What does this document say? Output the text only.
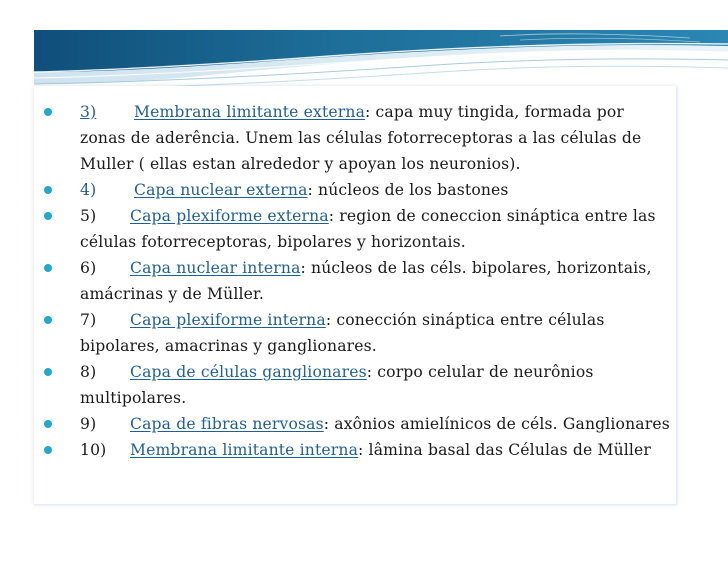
3) Membrana limitante externa: capa muy tingida, formada por zonas de aderência. Unem las células fotorreceptoras a las células de Muller ( ellas estan alrededor y apoyan los neuronios).
4) Capa nuclear externa: núcleos de los bastones
5) Capa plexiforme externa: region de coneccion sináptica entre las células fotorreceptoras, bipolares y horizontais.
6) Capa nuclear interna: núcleos de las céls. bipolares, horizontais, amácrinas y de Müller.
7) Capa plexiforme interna: conección sináptica entre células bipolares, amacrinas y ganglionares.
8) Capa de células ganglionares: corpo celular de neurônios multipolares.
9) Capa de fibras nervosas: axônios amielínicos de céls. Ganglionares
10) Membrana limitante interna: lâmina basal das Células de Müller
